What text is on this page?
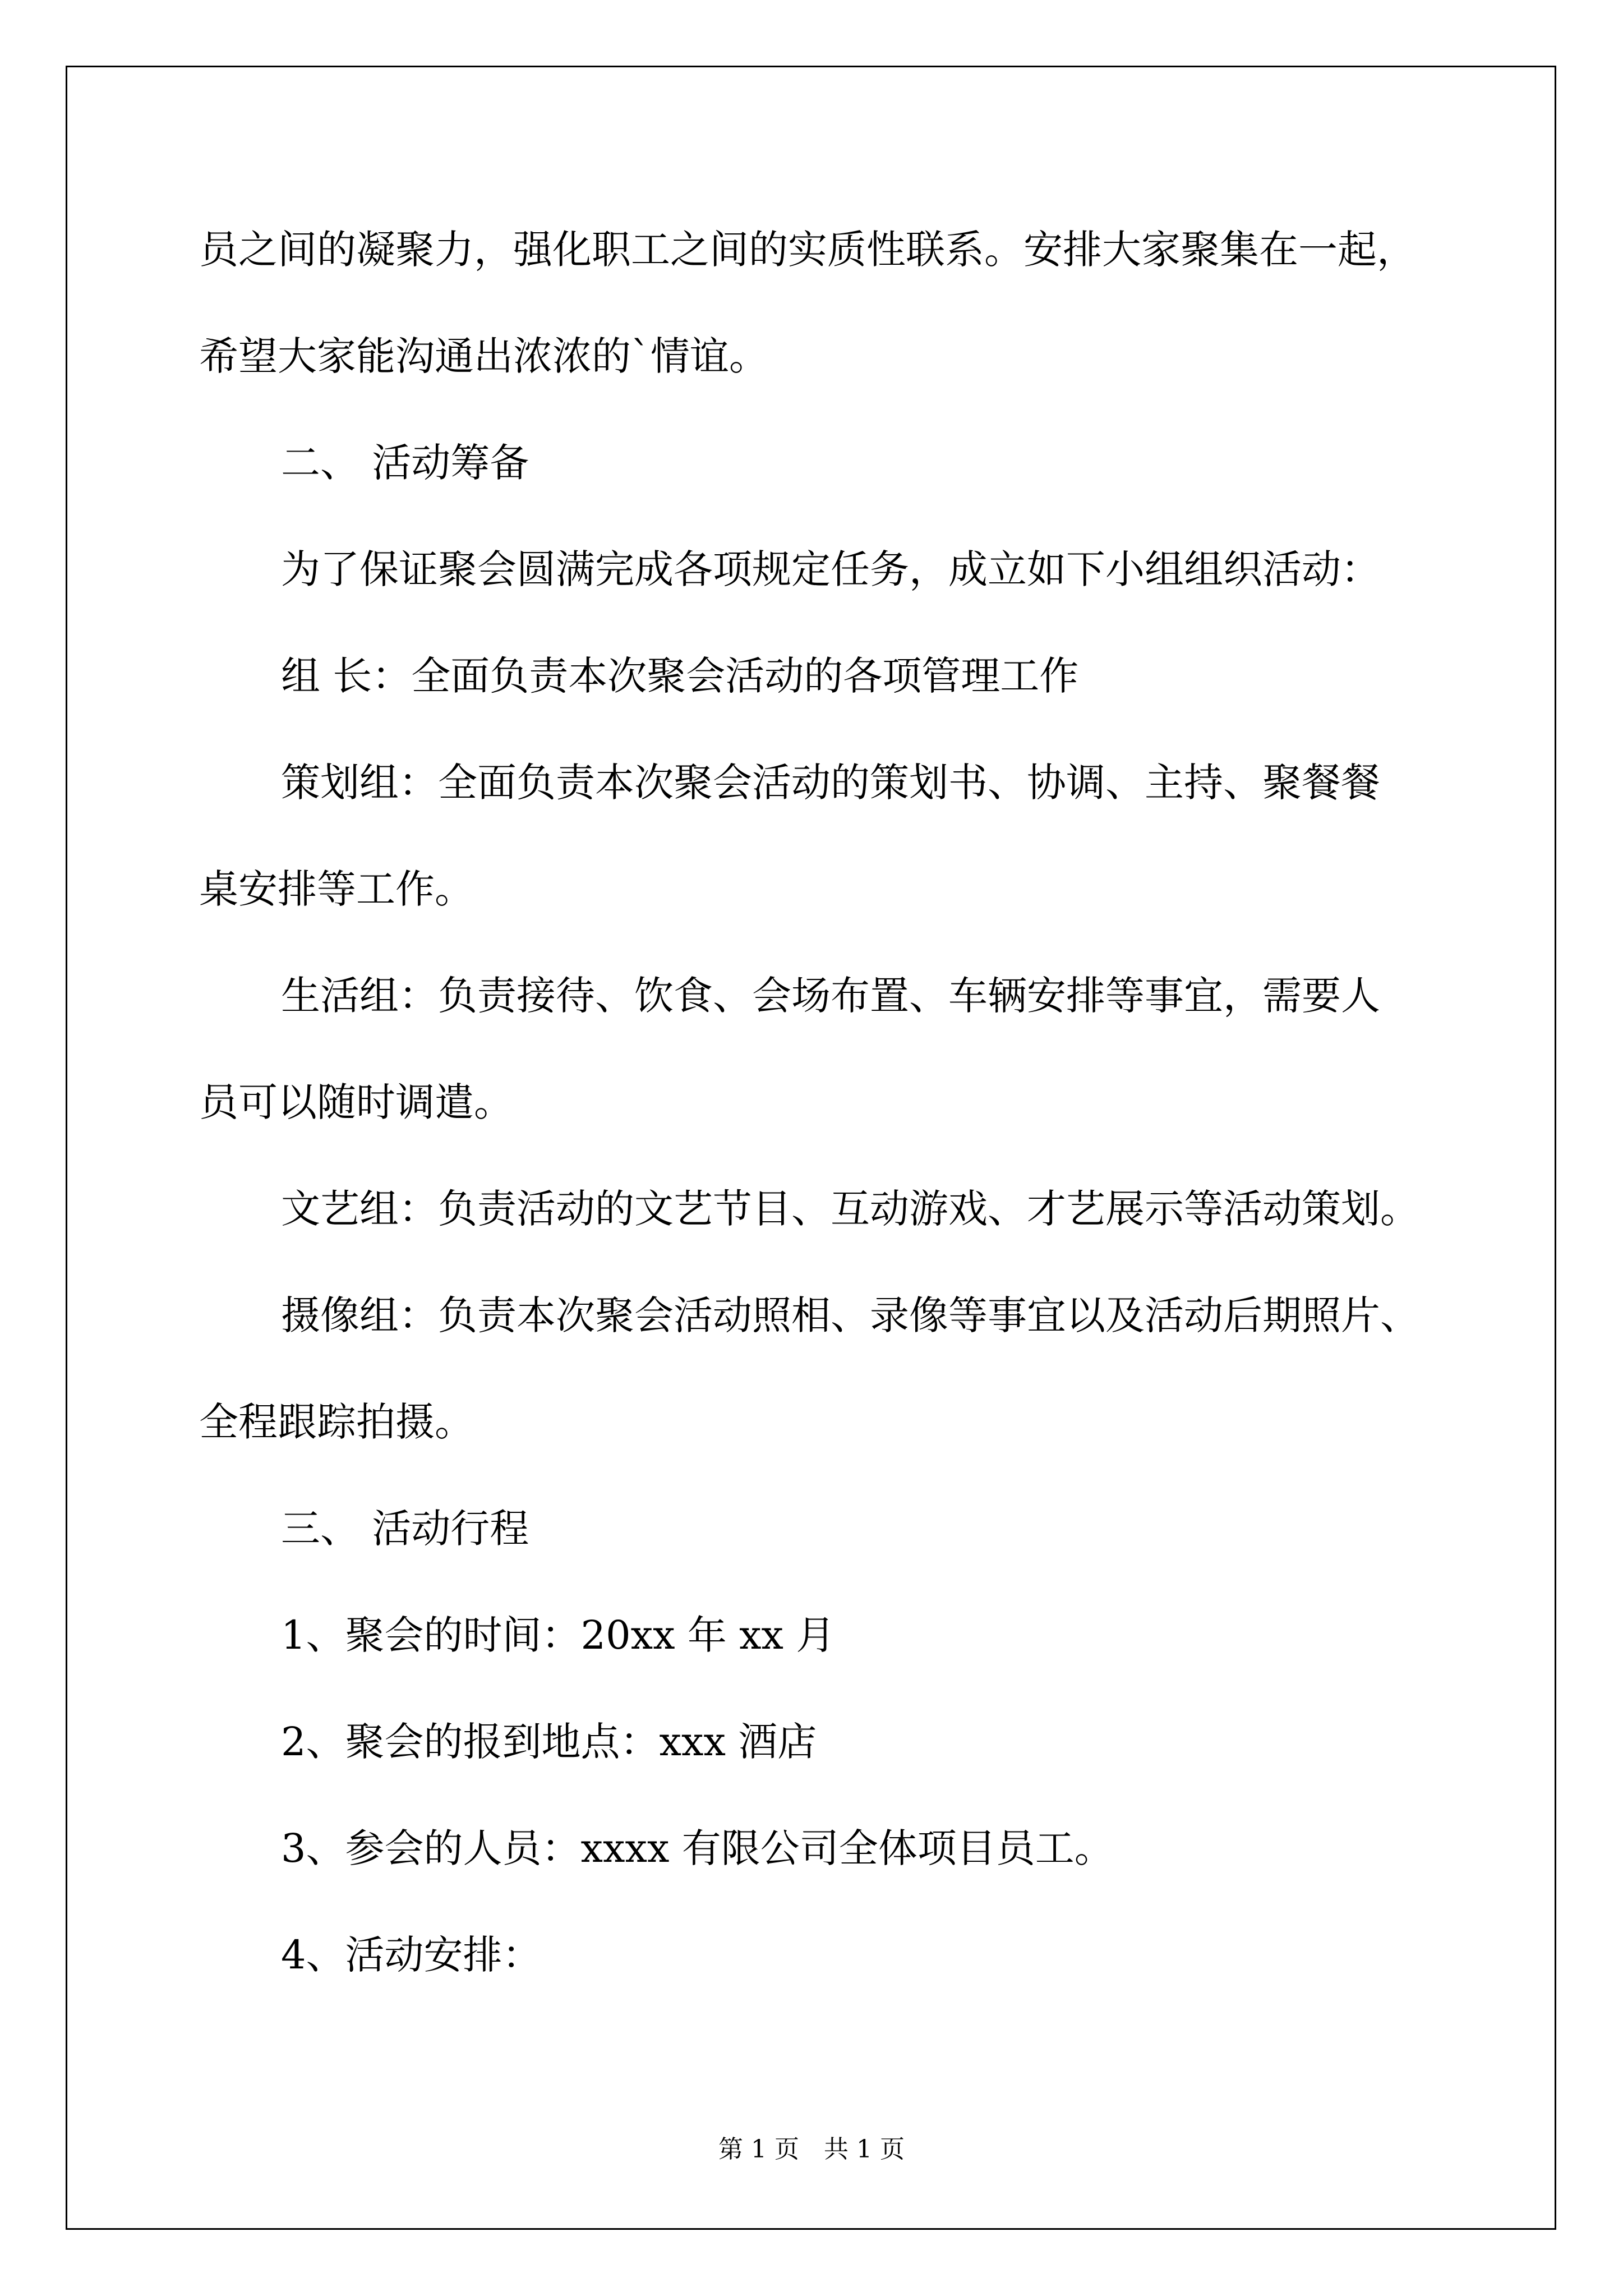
员之间的凝聚力，强化职工之间的实质性联系。安排大家聚集在一起，
希望大家能沟通出浓浓的`情谊。
二、 活动筹备
为了保证聚会圆满完成各项规定任务，成立如下小组组织活动：
组 长：全面负责本次聚会活动的各项管理工作
策划组：全面负责本次聚会活动的策划书、协调、主持、聚餐餐
桌安排等工作。
生活组：负责接待、饮食、会场布置、车辆安排等事宜，需要人
员可以随时调遣。
文艺组：负责活动的文艺节目、互动游戏、才艺展示等活动策划。
摄像组：负责本次聚会活动照相、录像等事宜以及活动后期照片、
全程跟踪拍摄。
三、 活动行程
1、聚会的时间：20xx 年 xx 月
2、聚会的报到地点：xxx 酒店
3、参会的人员：xxxx 有限公司全体项目员工。
4、活动安排：
第 1 页 共 1 页
